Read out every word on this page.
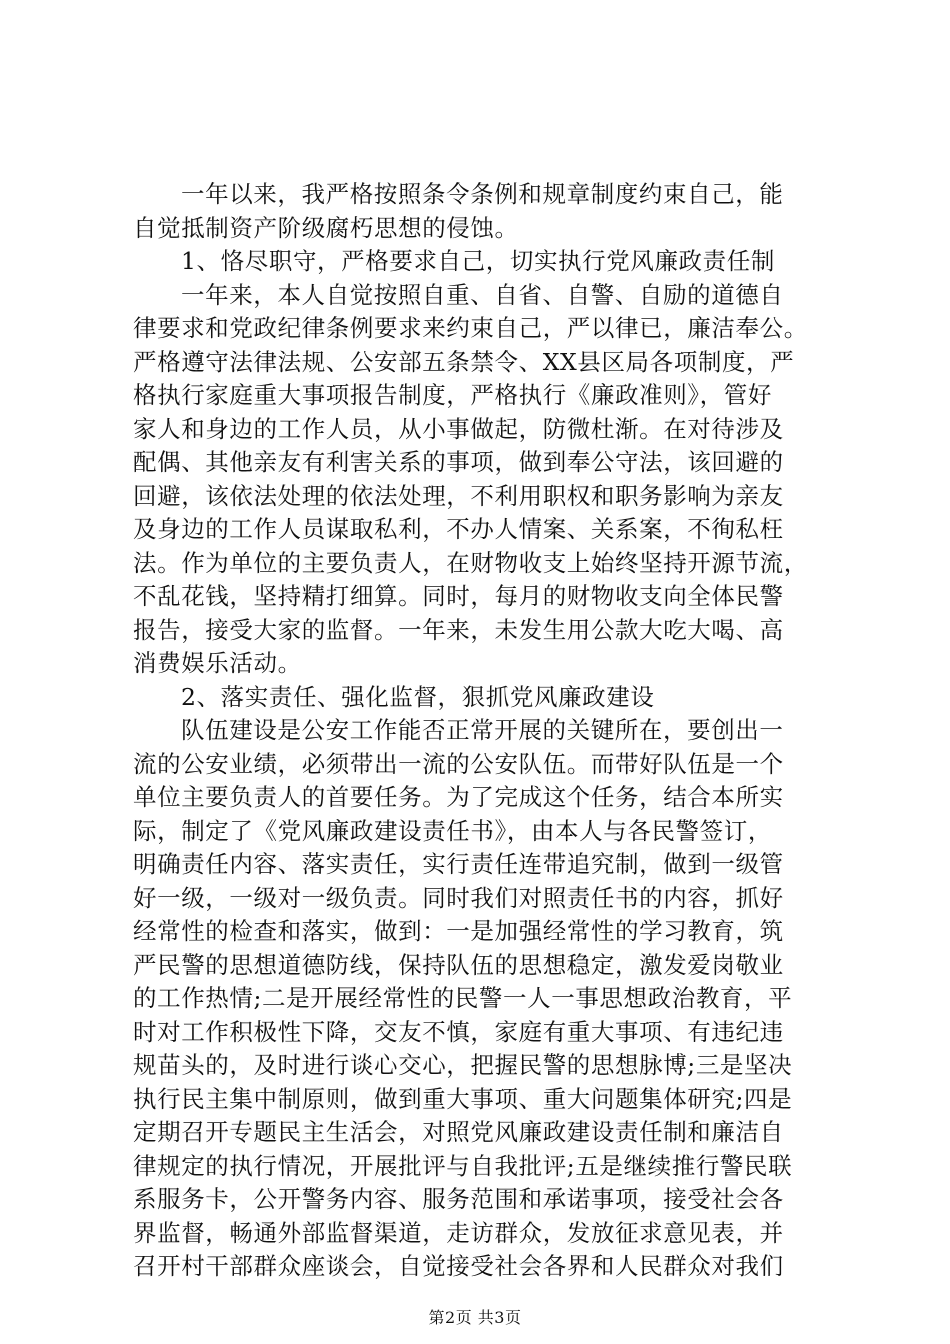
一年以来，我严格按照条令条例和规章制度约束自己，能
自觉抵制资产阶级腐朽思想的侵蚀。
1、恪尽职守，严格要求自己，切实执行党风廉政责任制
一年来，本人自觉按照自重、自省、自警、自励的道德自
律要求和党政纪律条例要求来约束自己，严以律已，廉洁奉公。
严格遵守法律法规、公安部五条禁令、XX县区局各项制度，严
格执行家庭重大事项报告制度，严格执行《廉政准则》，管好
家人和身边的工作人员，从小事做起，防微杜渐。在对待涉及
配偶、其他亲友有利害关系的事项，做到奉公守法，该回避的
回避，该依法处理的依法处理，不利用职权和职务影响为亲友
及身边的工作人员谋取私利，不办人情案、关系案，不徇私枉
法。作为单位的主要负责人，在财物收支上始终坚持开源节流，
不乱花钱，坚持精打细算。同时，每月的财物收支向全体民警
报告，接受大家的监督。一年来，未发生用公款大吃大喝、高
消费娱乐活动。
2、落实责任、强化监督，狠抓党风廉政建设
队伍建设是公安工作能否正常开展的关键所在，要创出一
流的公安业绩，必须带出一流的公安队伍。而带好队伍是一个
单位主要负责人的首要任务。为了完成这个任务，结合本所实
际，制定了《党风廉政建设责任书》，由本人与各民警签订，
明确责任内容、落实责任，实行责任连带追究制，做到一级管
好一级，一级对一级负责。同时我们对照责任书的内容，抓好
经常性的检查和落实，做到：一是加强经常性的学习教育，筑
严民警的思想道德防线，保持队伍的思想稳定，激发爱岗敬业
的工作热情;二是开展经常性的民警一人一事思想政治教育，平
时对工作积极性下降，交友不慎，家庭有重大事项、有违纪违
规苗头的，及时进行谈心交心，把握民警的思想脉博;三是坚决
执行民主集中制原则，做到重大事项、重大问题集体研究;四是
定期召开专题民主生活会，对照党风廉政建设责任制和廉洁自
律规定的执行情况，开展批评与自我批评;五是继续推行警民联
系服务卡，公开警务内容、服务范围和承诺事项，接受社会各
界监督，畅通外部监督渠道，走访群众，发放征求意见表，并
召开村干部群众座谈会，自觉接受社会各界和人民群众对我们
第2页 共3页
